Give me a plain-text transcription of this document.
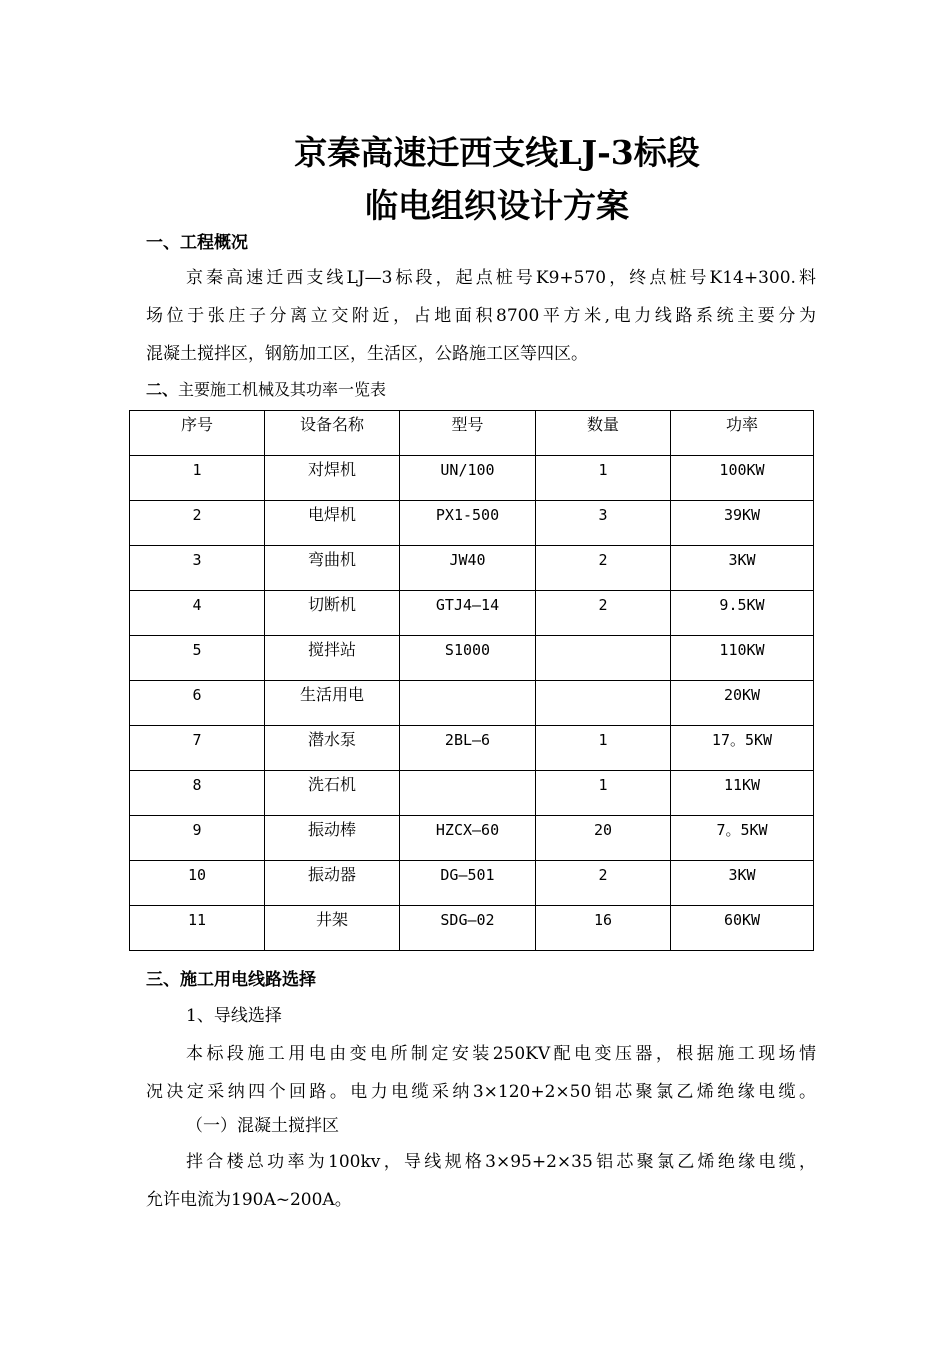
京秦高速迁西支线LJ-3标段
临电组织设计方案
一、工程概况
京秦高速迁西支线LJ—3标段，起点桩号K9+570，终点桩号K14+300.料
场位于张庄子分离立交附近，占地面积8700平方米,电力线路系统主要分为
混凝土搅拌区，钢筋加工区，生活区，公路施工区等四区。
二、主要施工机械及其功率一览表
序号	设备名称	型号	数量	功率
1	对焊机	UN/100	1	100KW
2	电焊机	PX1-500	3	39KW
3	弯曲机	JW40	2	3KW
4	切断机	GTJ4—14	2	9.5KW
5	搅拌站	S1000		110KW
6	生活用电			20KW
7	潜水泵	2BL—6	1	17。5KW
8	洗石机		1	11KW
9	振动棒	HZCX—60	20	7。5KW
10	振动器	DG—501	2	3KW
11	井架	SDG—02	16	60KW
三、施工用电线路选择
1、导线选择
本标段施工用电由变电所制定安装250KV配电变压器，根据施工现场情
况决定采纳四个回路。电力电缆采纳3×120+2×50铝芯聚氯乙烯绝缘电缆。
（一）混凝土搅拌区
拌合楼总功率为100kv，导线规格3×95+2×35铝芯聚氯乙烯绝缘电缆，
允许电流为190A~200A。
